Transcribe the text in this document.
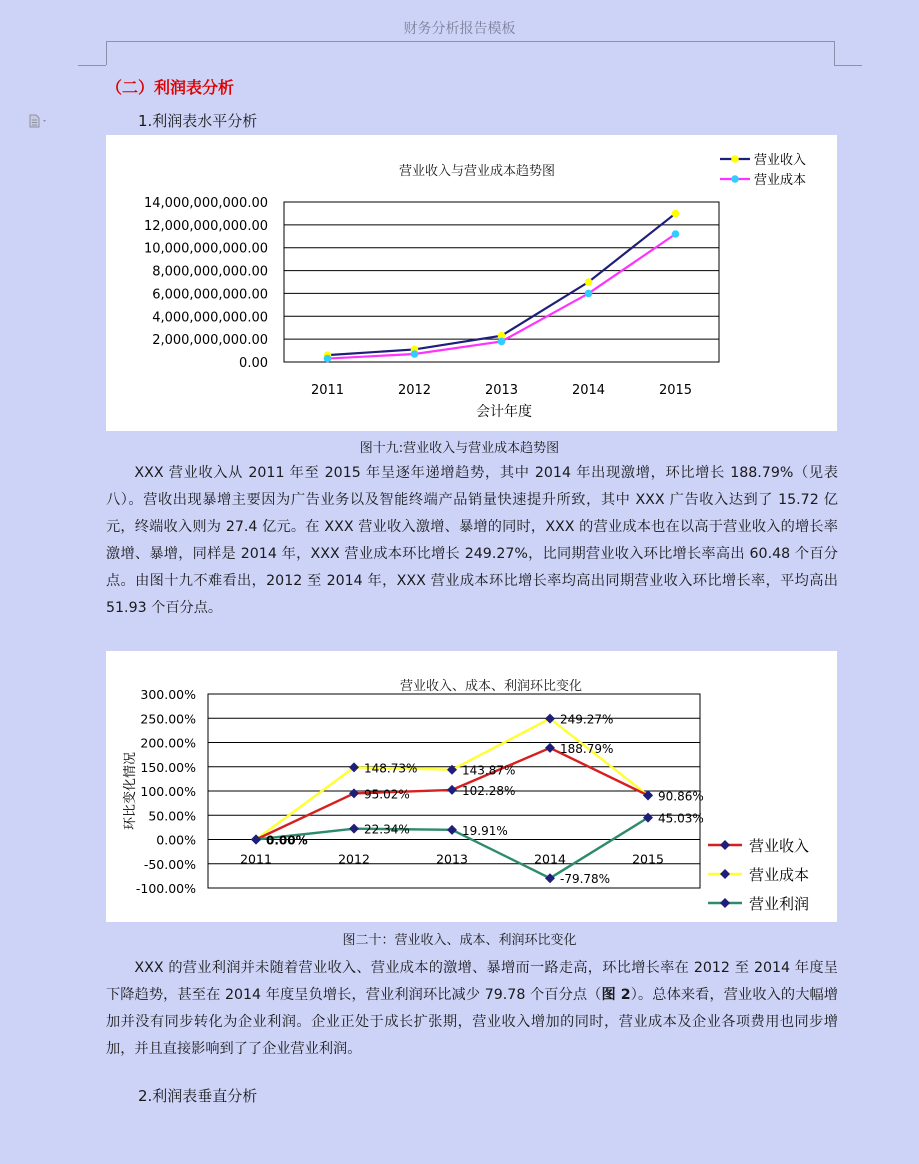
财务分析报告模板
（二）利润表分析
1.利润表水平分析
营业收入与营业成本趋势图
14,000,000,000.00
12,000,000,000.00
10,000,000,000.00
8,000,000,000.00
6,000,000,000.00
4,000,000,000.00
2,000,000,000.00
0.00
2011	2012	2013	2014	2015
会计年度
营业收入
营业成本
图十九:营业收入与营业成本趋势图

XXX 营业收入从 2011 年至 2015 年呈逐年递增趋势，其中 2014 年出现激增，环比增长 188.79%（见表八）。营收出现暴增主要因为广告业务以及智能终端产品销量快速提升所致，其中 XXX 广告收入达到了 15.72 亿元，终端收入则为 27.4 亿元。在 XXX 营业收入激增、暴增的同时，XXX 的营业成本也在以高于营业收入的增长率激增、暴增，同样是 2014 年，XXX 营业成本环比增长 249.27%，比同期营业收入环比增长率高出 60.48 个百分点。由图十九不难看出，2012 至 2014 年，XXX 营业成本环比增长率均高出同期营业收入环比增长率，平均高出 51.93 个百分点。

营业收入、成本、利润环比变化
300.00%
250.00%
200.00%
150.00%
100.00%
50.00%
0.00%
-50.00%
-100.00%
2011	2012	2013	2014	2015
环比变化情况
0.00%
95.02%	102.28%
188.79%
90.86%
148.73%	143.87%
249.27%
22.34%	19.91%
-79.78%
45.03%
营业收入
营业成本
营业利润
图二十：营业收入、成本、利润环比变化

XXX 的营业利润并未随着营业收入、营业成本的激增、暴增而一路走高，环比增长率在 2012 至 2014 年度呈下降趋势，甚至在 2014 年度呈负增长，营业利润环比减少 79.78 个百分点（图 2）。总体来看，营业收入的大幅增加并没有同步转化为企业利润。企业正处于成长扩张期，营业收入增加的同时，营业成本及企业各项费用也同步增加，并且直接影响到了了企业营业利润。

2.利润表垂直分析
